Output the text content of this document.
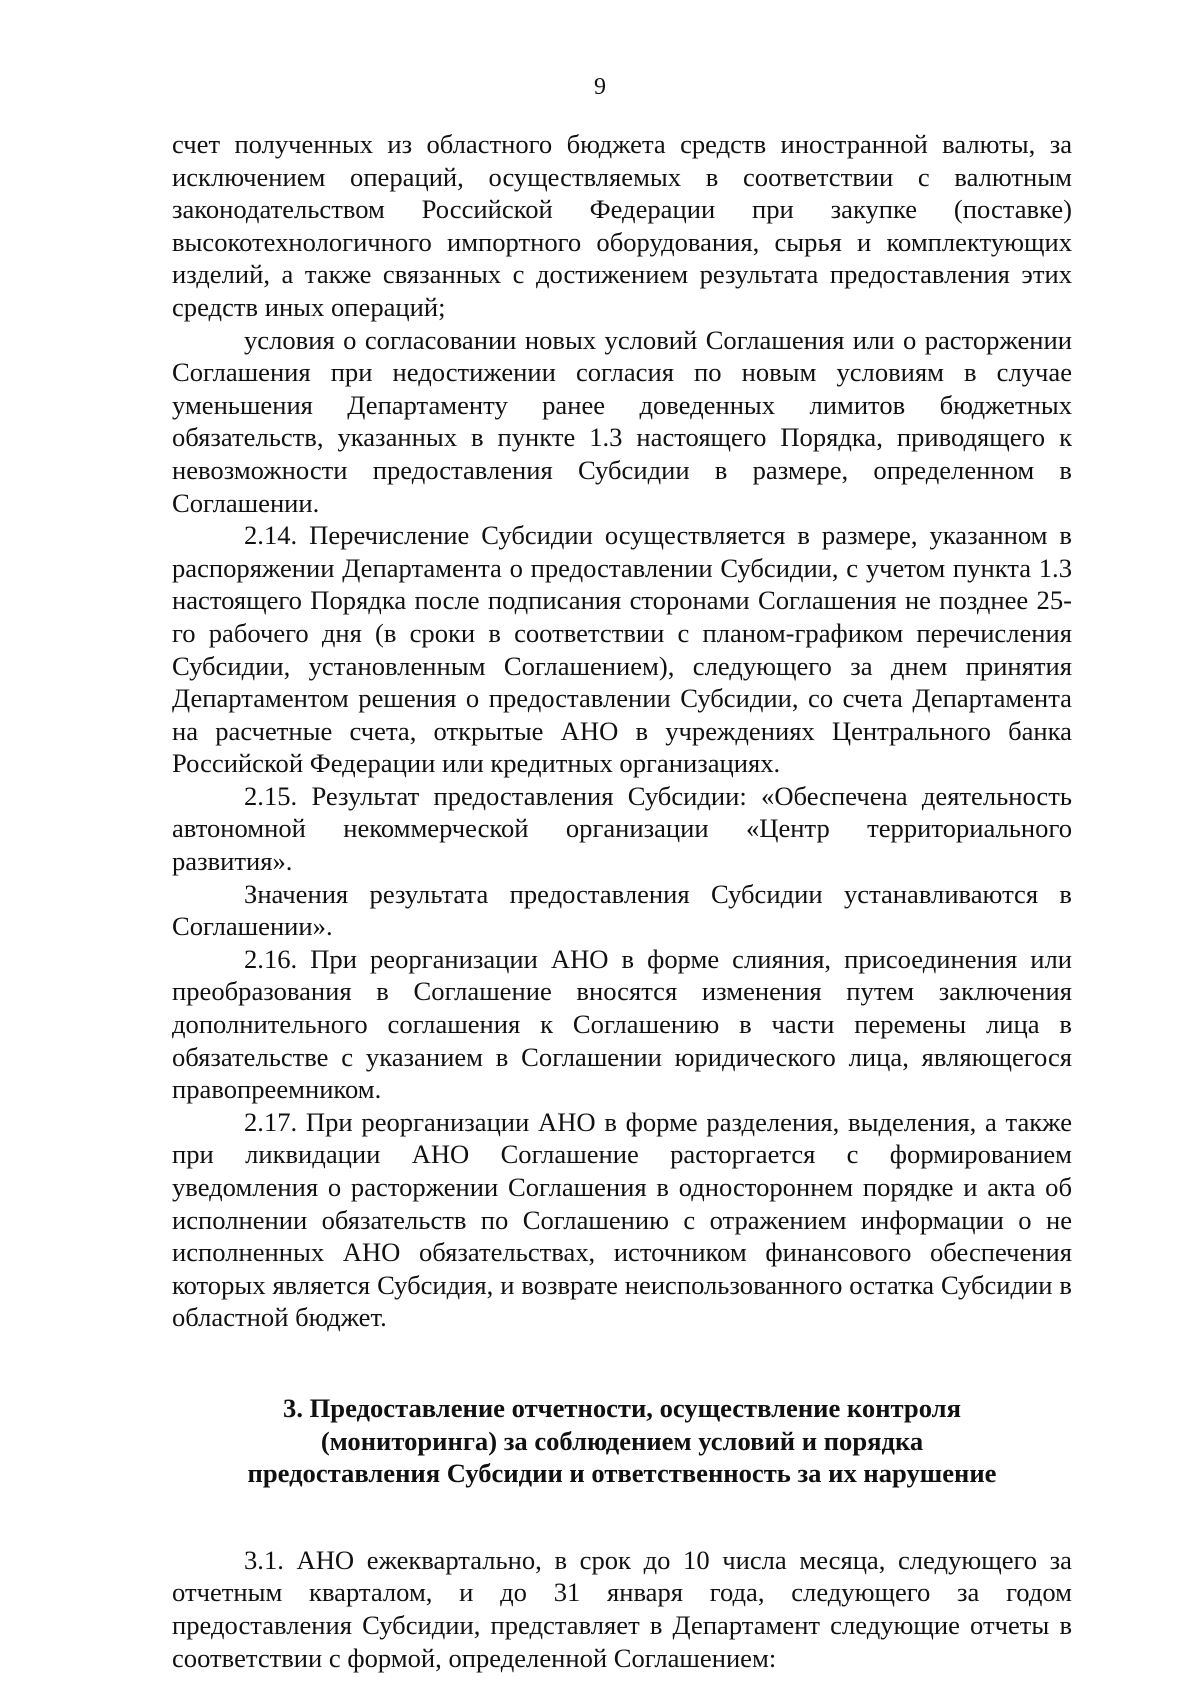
9

счет полученных из областного бюджета средств иностранной валюты, за исключением операций, осуществляемых в соответствии с валютным законодательством Российской Федерации при закупке (поставке) высокотехнологичного импортного оборудования, сырья и комплектующих изделий, а также связанных с достижением результата предоставления этих средств иных операций;

условия о согласовании новых условий Соглашения или о расторжении Соглашения при недостижении согласия по новым условиям в случае уменьшения Департаменту ранее доведенных лимитов бюджетных обязательств, указанных в пункте 1.3 настоящего Порядка, приводящего к невозможности предоставления Субсидии в размере, определенном в Соглашении.

2.14. Перечисление Субсидии осуществляется в размере, указанном в распоряжении Департамента о предоставлении Субсидии, с учетом пункта 1.3 настоящего Порядка после подписания сторонами Соглашения не позднее 25-го рабочего дня (в сроки в соответствии с планом-графиком перечисления Субсидии, установленным Соглашением), следующего за днем принятия Департаментом решения о предоставлении Субсидии, со счета Департамента на расчетные счета, открытые АНО в учреждениях Центрального банка Российской Федерации или кредитных организациях.

2.15. Результат предоставления Субсидии: «Обеспечена деятельность автономной некоммерческой организации «Центр территориального развития».

Значения результата предоставления Субсидии устанавливаются в Соглашении».

2.16. При реорганизации АНО в форме слияния, присоединения или преобразования в Соглашение вносятся изменения путем заключения дополнительного соглашения к Соглашению в части перемены лица в обязательстве с указанием в Соглашении юридического лица, являющегося правопреемником.

2.17. При реорганизации АНО в форме разделения, выделения, а также при ликвидации АНО Соглашение расторгается с формированием уведомления о расторжении Соглашения в одностороннем порядке и акта об исполнении обязательств по Соглашению с отражением информации о не исполненных АНО обязательствах, источником финансового обеспечения которых является Субсидия, и возврате неиспользованного остатка Субсидии в областной бюджет.

3. Предоставление отчетности, осуществление контроля
(мониторинга) за соблюдением условий и порядка
предоставления Субсидии и ответственность за их нарушение

3.1. АНО ежеквартально, в срок до 10 числа месяца, следующего за отчетным кварталом, и до 31 января года, следующего за годом предоставления Субсидии, представляет в Департамент следующие отчеты в соответствии с формой, определенной Соглашением:
